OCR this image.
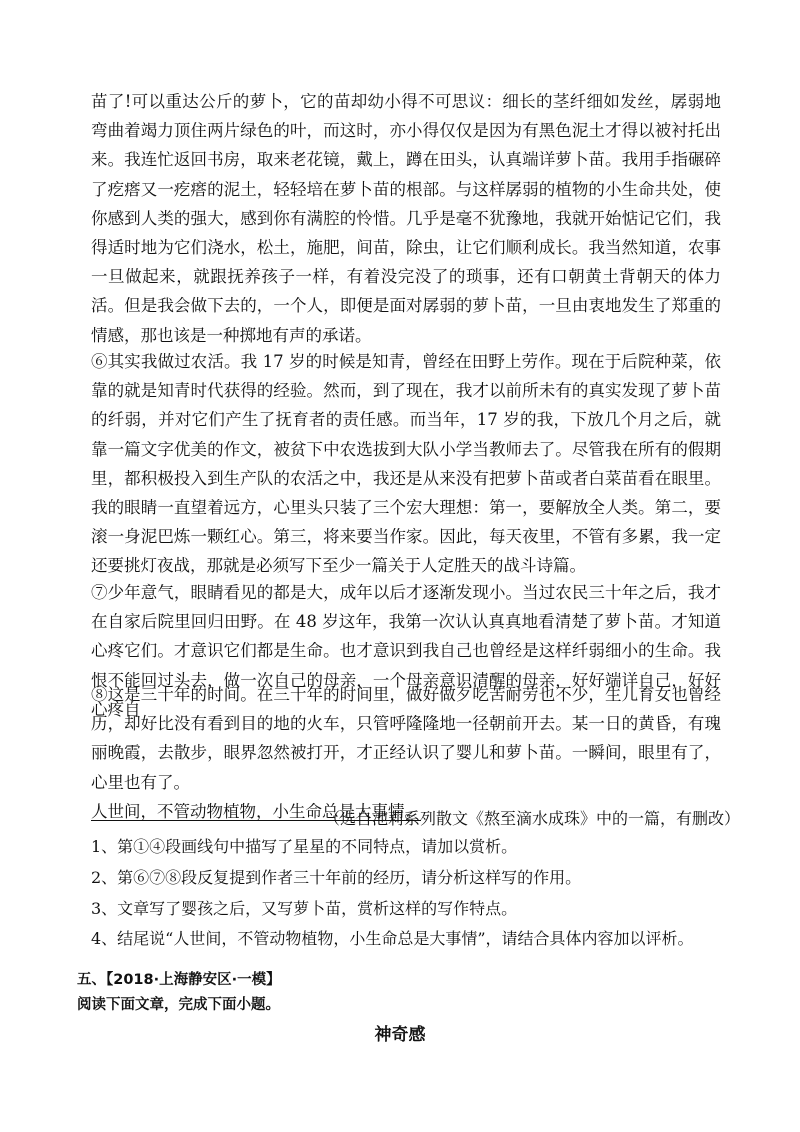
苗了!可以重达公斤的萝卜，它的苗却幼小得不可思议：细长的茎纤细如发丝，孱弱地弯曲着竭力顶住两片绿色的叶，而这时，亦小得仅仅是因为有黑色泥土才得以被衬托出来。我连忙返回书房，取来老花镜，戴上，蹲在田头，认真端详萝卜苗。我用手指碾碎了疙瘩又一疙瘩的泥土，轻轻培在萝卜苗的根部。与这样孱弱的植物的小生命共处，使你感到人类的强大，感到你有满腔的怜惜。几乎是毫不犹豫地，我就开始惦记它们，我得适时地为它们浇水，松土，施肥，间苗，除虫，让它们顺利成长。我当然知道，农事一旦做起来，就跟抚养孩子一样，有着没完没了的琐事，还有口朝黄土背朝天的体力活。但是我会做下去的，一个人，即便是面对孱弱的萝卜苗，一旦由衷地发生了郑重的情感，那也该是一种掷地有声的承诺。
⑥其实我做过农活。我 17 岁的时候是知青，曾经在田野上劳作。现在于后院种菜，依靠的就是知青时代获得的经验。然而，到了现在，我才以前所未有的真实发现了萝卜苗的纤弱，并对它们产生了抚育者的责任感。而当年，17 岁的我，下放几个月之后，就靠一篇文字优美的作文，被贫下中农选拔到大队小学当教师去了。尽管我在所有的假期里，都积极投入到生产队的农活之中，我还是从来没有把萝卜苗或者白菜苗看在眼里。我的眼睛一直望着远方，心里头只装了三个宏大理想：第一，要解放全人类。第二，要滚一身泥巴炼一颗红心。第三，将来要当作家。因此，每天夜里，不管有多累，我一定还要挑灯夜战，那就是必须写下至少一篇关于人定胜天的战斗诗篇。
⑦少年意气，眼睛看见的都是大，成年以后才逐渐发现小。当过农民三十年之后，我才在自家后院里回归田野。在 48 岁这年，我第一次认认真真地看清楚了萝卜苗。才知道心疼它们。才意识它们都是生命。也才意识到我自己也曾经是这样纤弱细小的生命。我恨不能回过头去，做一次自己的母亲，一个母亲意识清醒的母亲，好好端详自己，好好心疼自
⑧这是三十年的时间。在三十年的时间里，做好做歹吃苦耐劳也不少，生儿育女也曾经历，却好比没有看到目的地的火车，只管呼隆隆地一径朝前开去。某一日的黄昏，有瑰丽晚霞，去散步，眼界忽然被打开，才正经认识了婴儿和萝卜苗。一瞬间，眼里有了，心里也有了。
人世间，不管动物植物，小生命总是大事情。
（选自池莉系列散文《熬至滴水成珠》中的一篇，有删改）
1、第①④段画线句中描写了星星的不同特点，请加以赏析。
2、第⑥⑦⑧段反复提到作者三十年前的经历，请分析这样写的作用。
3、文章写了婴孩之后，又写萝卜苗，赏析这样的写作特点。
4、结尾说“人世间，不管动物植物，小生命总是大事情”，请结合具体内容加以评析。
五、【2018·上海静安区·一模】
阅读下面文章，完成下面小题。
神奇感
